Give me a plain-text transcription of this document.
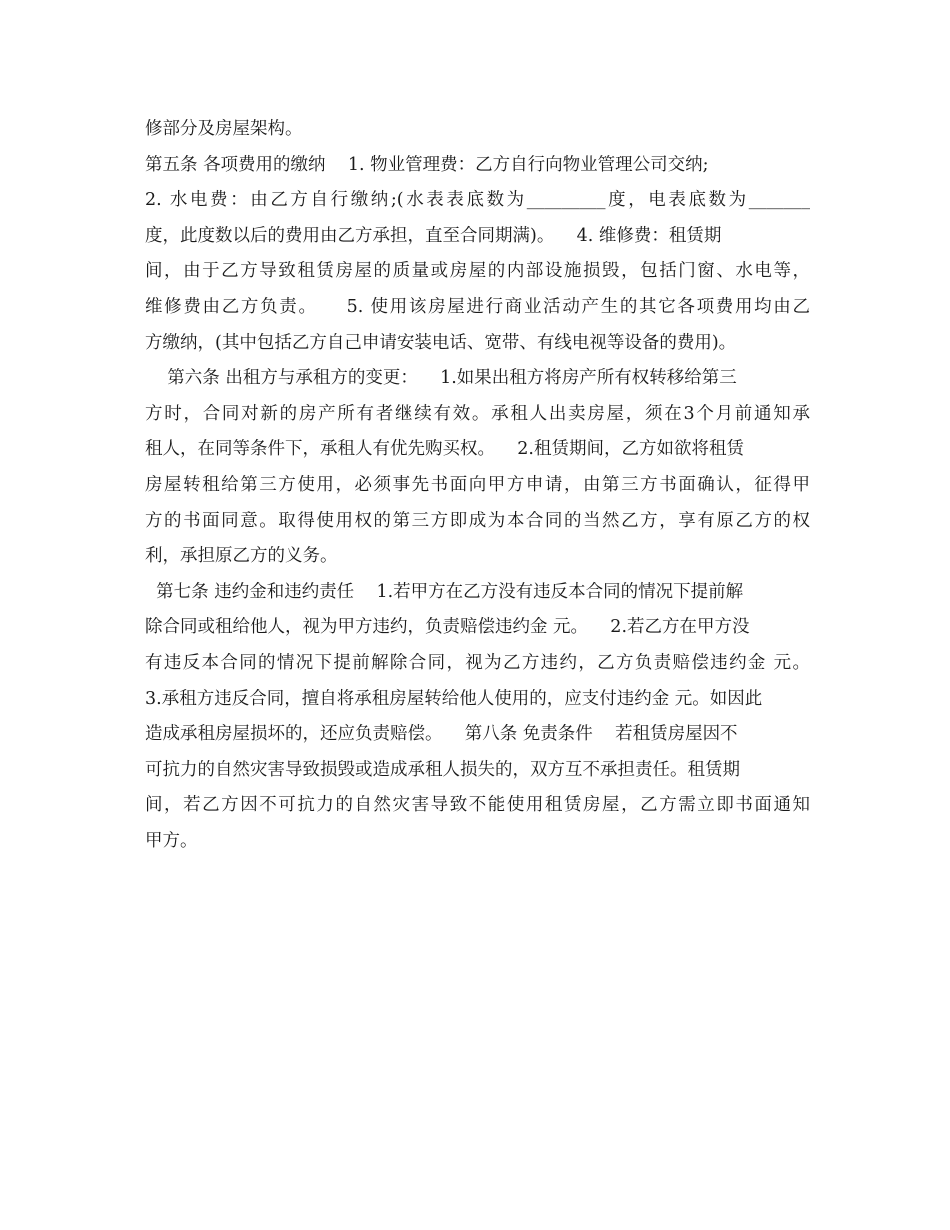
修部分及房屋架构。
第五条 各项费用的缴纳    1. 物业管理费：乙方自行向物业管理公司交纳;
2. 水电费：由乙方自行缴纳;(水表表底数为_________度，电表底数为_______
度，此度数以后的费用由乙方承担，直至合同期满)。    4. 维修费：租赁期
间，由于乙方导致租赁房屋的质量或房屋的内部设施损毁，包括门窗、水电等，
维修费由乙方负责。    5. 使用该房屋进行商业活动产生的其它各项费用均由乙
方缴纳，(其中包括乙方自己申请安装电话、宽带、有线电视等设备的费用)。
第六条 出租方与承租方的变更：    1.如果出租方将房产所有权转移给第三
方时，合同对新的房产所有者继续有效。承租人出卖房屋，须在3个月前通知承
租人，在同等条件下，承租人有优先购买权。    2.租赁期间，乙方如欲将租赁
房屋转租给第三方使用，必须事先书面向甲方申请，由第三方书面确认，征得甲
方的书面同意。取得使用权的第三方即成为本合同的当然乙方，享有原乙方的权
利，承担原乙方的义务。
第七条 违约金和违约责任    1.若甲方在乙方没有违反本合同的情况下提前解
除合同或租给他人，视为甲方违约，负责赔偿违约金 元。    2.若乙方在甲方没
有违反本合同的情况下提前解除合同，视为乙方违约，乙方负责赔偿违约金 元。
3.承租方违反合同，擅自将承租房屋转给他人使用的，应支付违约金 元。如因此
造成承租房屋损坏的，还应负责赔偿。    第八条 免责条件    若租赁房屋因不
可抗力的自然灾害导致损毁或造成承租人损失的，双方互不承担责任。租赁期
间，若乙方因不可抗力的自然灾害导致不能使用租赁房屋，乙方需立即书面通知
甲方。
